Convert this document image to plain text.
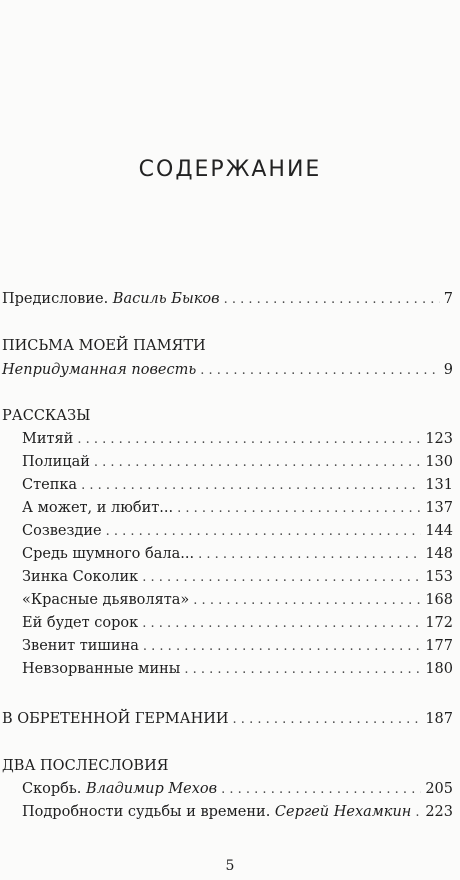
СОДЕРЖАНИЕ
Предисловие. Василь Быков . . .	7
ПИСЬМА МОЕЙ ПАМЯТИ
Непридуманная повесть . . .	9
РАССКАЗЫ
Митяй . . .	123
Полицай . . .	130
Степка . . .	131
А может, и любит... . . .	137
Созвездие . . .	144
Средь шумного бала... . . .	148
Зинка Соколик . . .	153
«Красные дьяволята» . . .	168
Ей будет сорок . . .	172
Звенит тишина . . .	177
Невзорванные мины . . .	180
В ОБРЕТЕННОЙ ГЕРМАНИИ . . .	187
ДВА ПОСЛЕСЛОВИЯ
Скорбь. Владимир Мехов . . .	205
Подробности судьбы и времени. Сергей Нехамкин . . . 223
5
